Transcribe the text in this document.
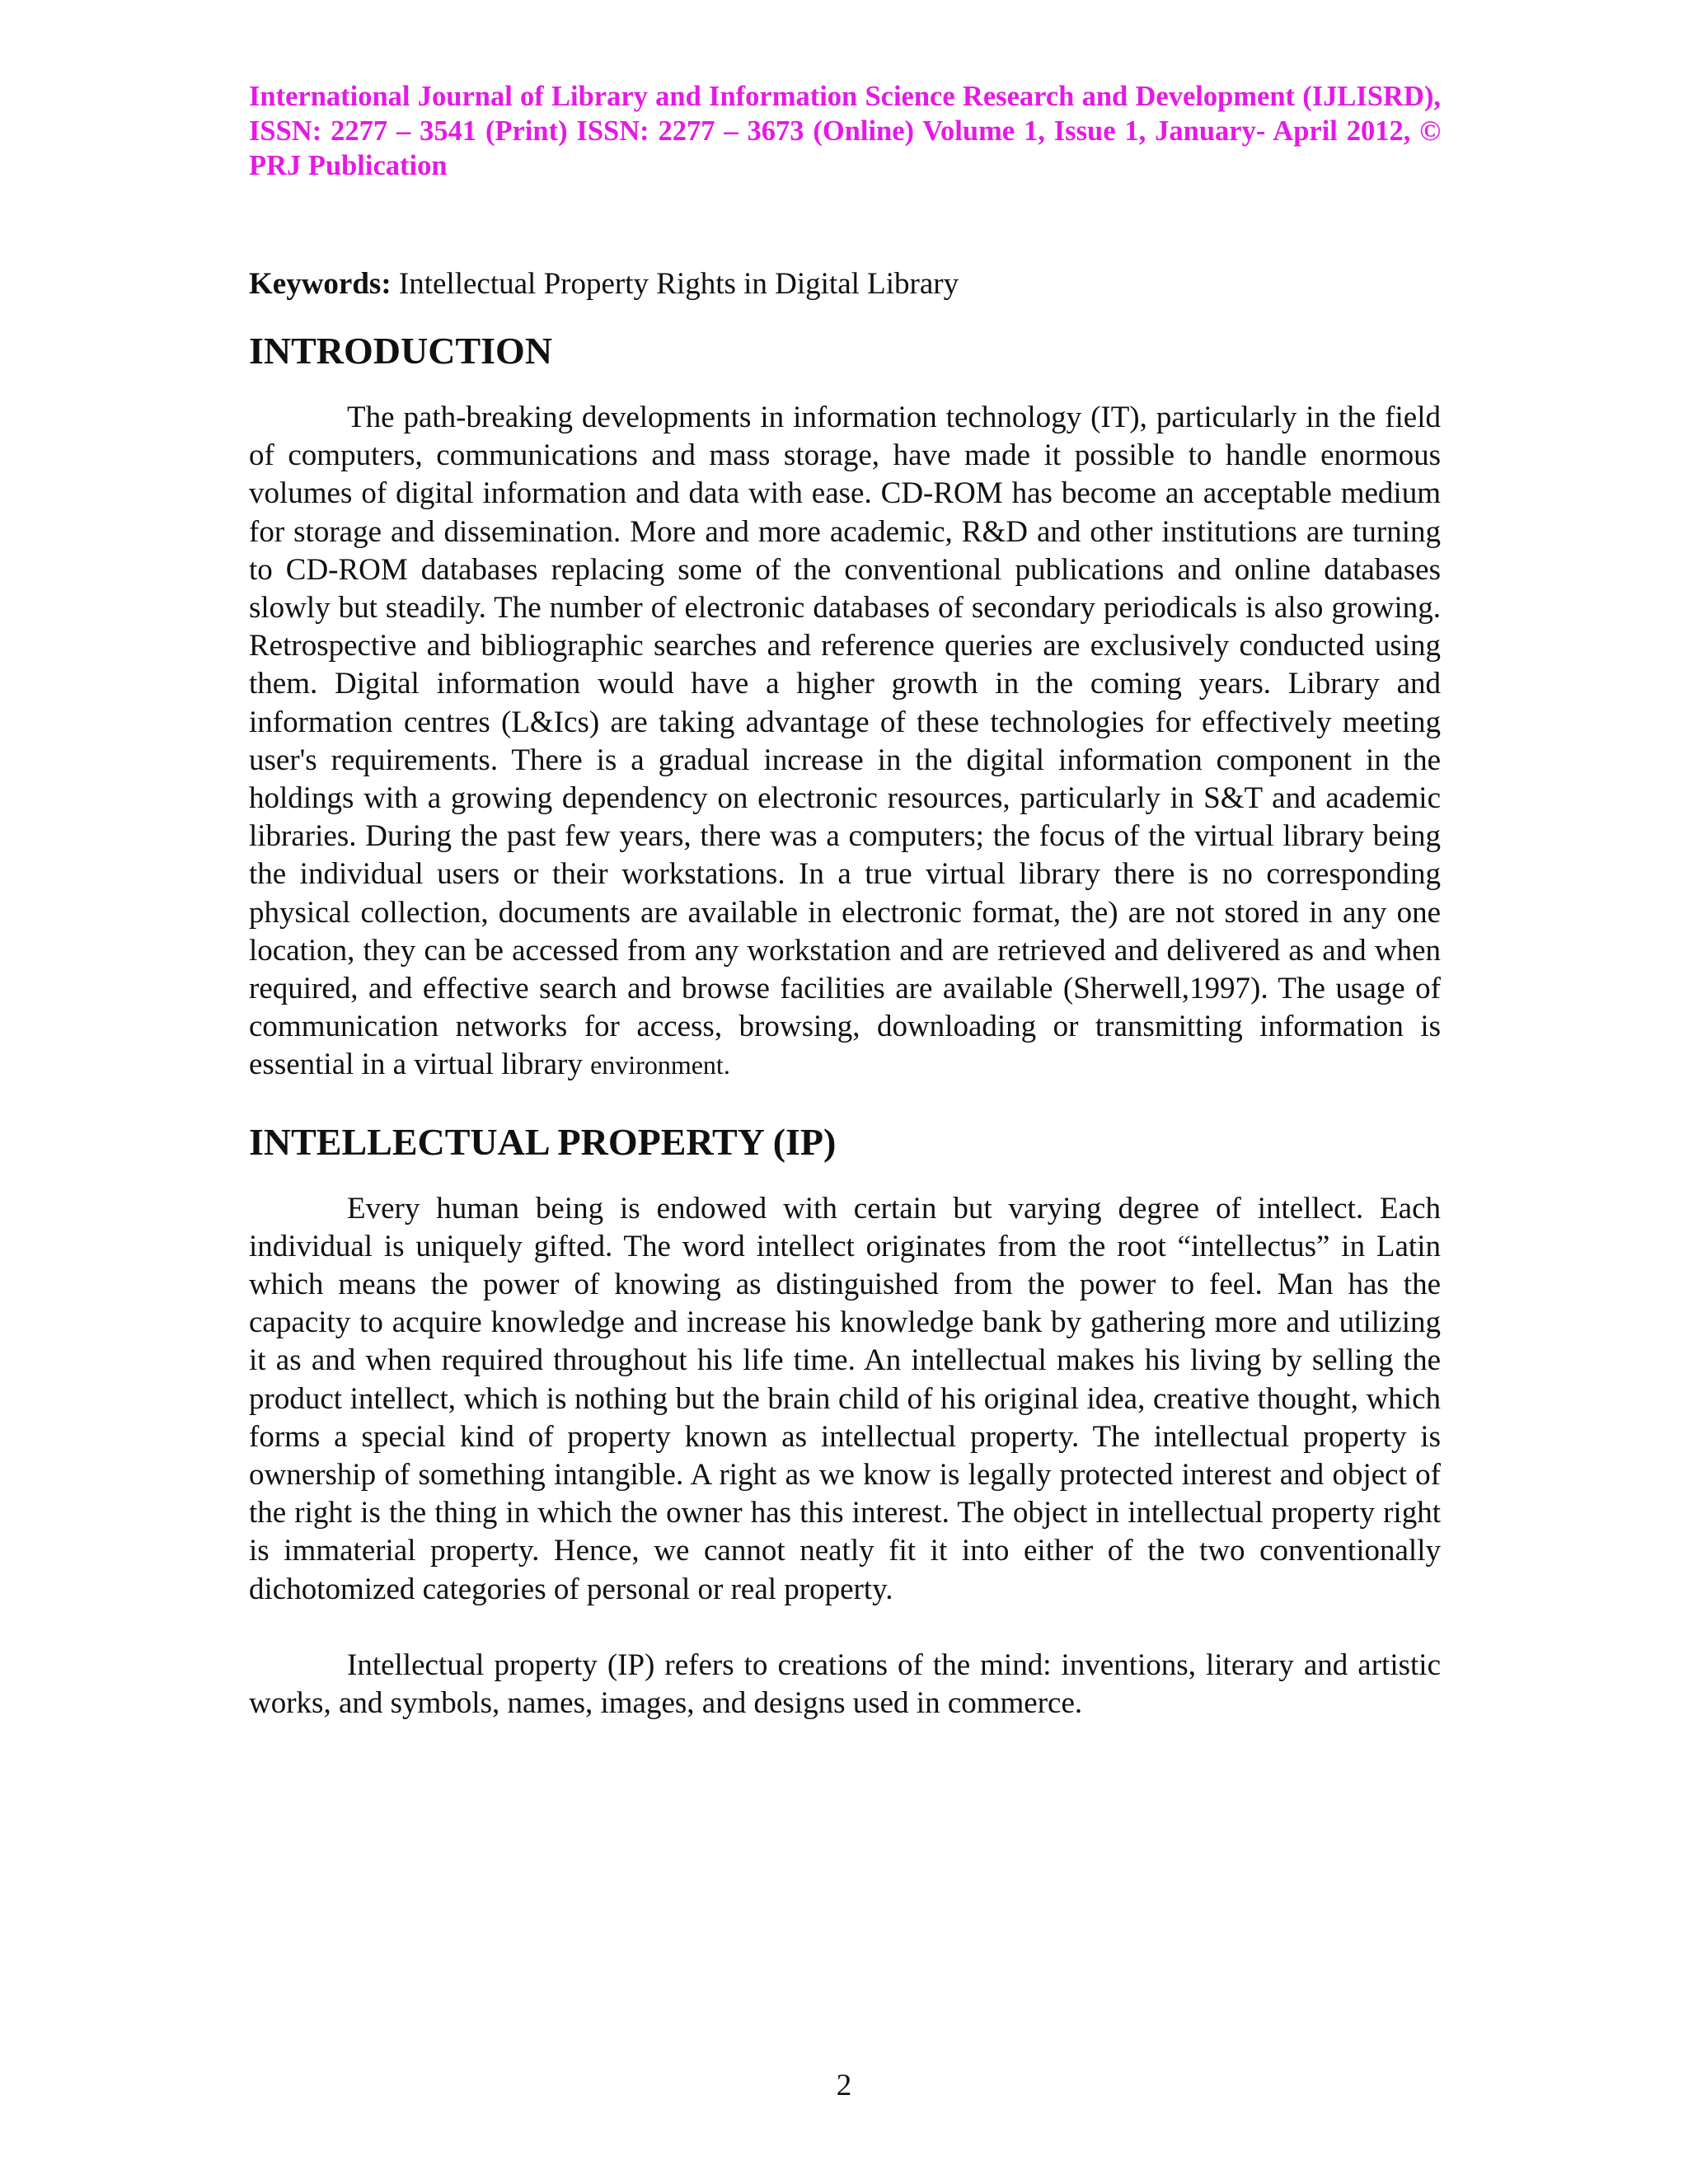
International Journal of Library and Information Science Research and Development (IJLISRD), ISSN: 2277 – 3541 (Print) ISSN: 2277 – 3673 (Online) Volume 1, Issue 1, January- April 2012, © PRJ Publication

Keywords: Intellectual Property Rights in Digital Library

INTRODUCTION

The path-breaking developments in information technology (IT), particularly in the field of computers, communications and mass storage, have made it possible to handle enormous volumes of digital information and data with ease. CD-ROM has become an acceptable medium for storage and dissemination. More and more academic, R&D and other institutions are turning to CD-ROM databases replacing some of the conventional publications and online databases slowly but steadily. The number of electronic databases of secondary periodicals is also growing. Retrospective and bibliographic searches and reference queries are exclusively conducted using them. Digital information would have a higher growth in the coming years. Library and information centres (L&Ics) are taking advantage of these technologies for effectively meeting user's requirements. There is a gradual increase in the digital information component in the holdings with a growing dependency on electronic resources, particularly in S&T and academic libraries. During the past few years, there was a computers; the focus of the virtual library being the individual users or their workstations. In a true virtual library there is no corresponding physical collection, documents are available in electronic format, the) are not stored in any one location, they can be accessed from any workstation and are retrieved and delivered as and when required, and effective search and browse facilities are available (Sherwell,1997). The usage of communication networks for access, browsing, downloading or transmitting information is essential in a virtual library environment.

INTELLECTUAL PROPERTY (IP)

Every human being is endowed with certain but varying degree of intellect. Each individual is uniquely gifted. The word intellect originates from the root “intellectus” in Latin which means the power of knowing as distinguished from the power to feel. Man has the capacity to acquire knowledge and increase his knowledge bank by gathering more and utilizing it as and when required throughout his life time. An intellectual makes his living by selling the product intellect, which is nothing but the brain child of his original idea, creative thought, which forms a special kind of property known as intellectual property. The intellectual property is ownership of something intangible. A right as we know is legally protected interest and object of the right is the thing in which the owner has this interest. The object in intellectual property right is immaterial property. Hence, we cannot neatly fit it into either of the two conventionally dichotomized categories of personal or real property.

Intellectual property (IP) refers to creations of the mind: inventions, literary and artistic works, and symbols, names, images, and designs used in commerce.

2
